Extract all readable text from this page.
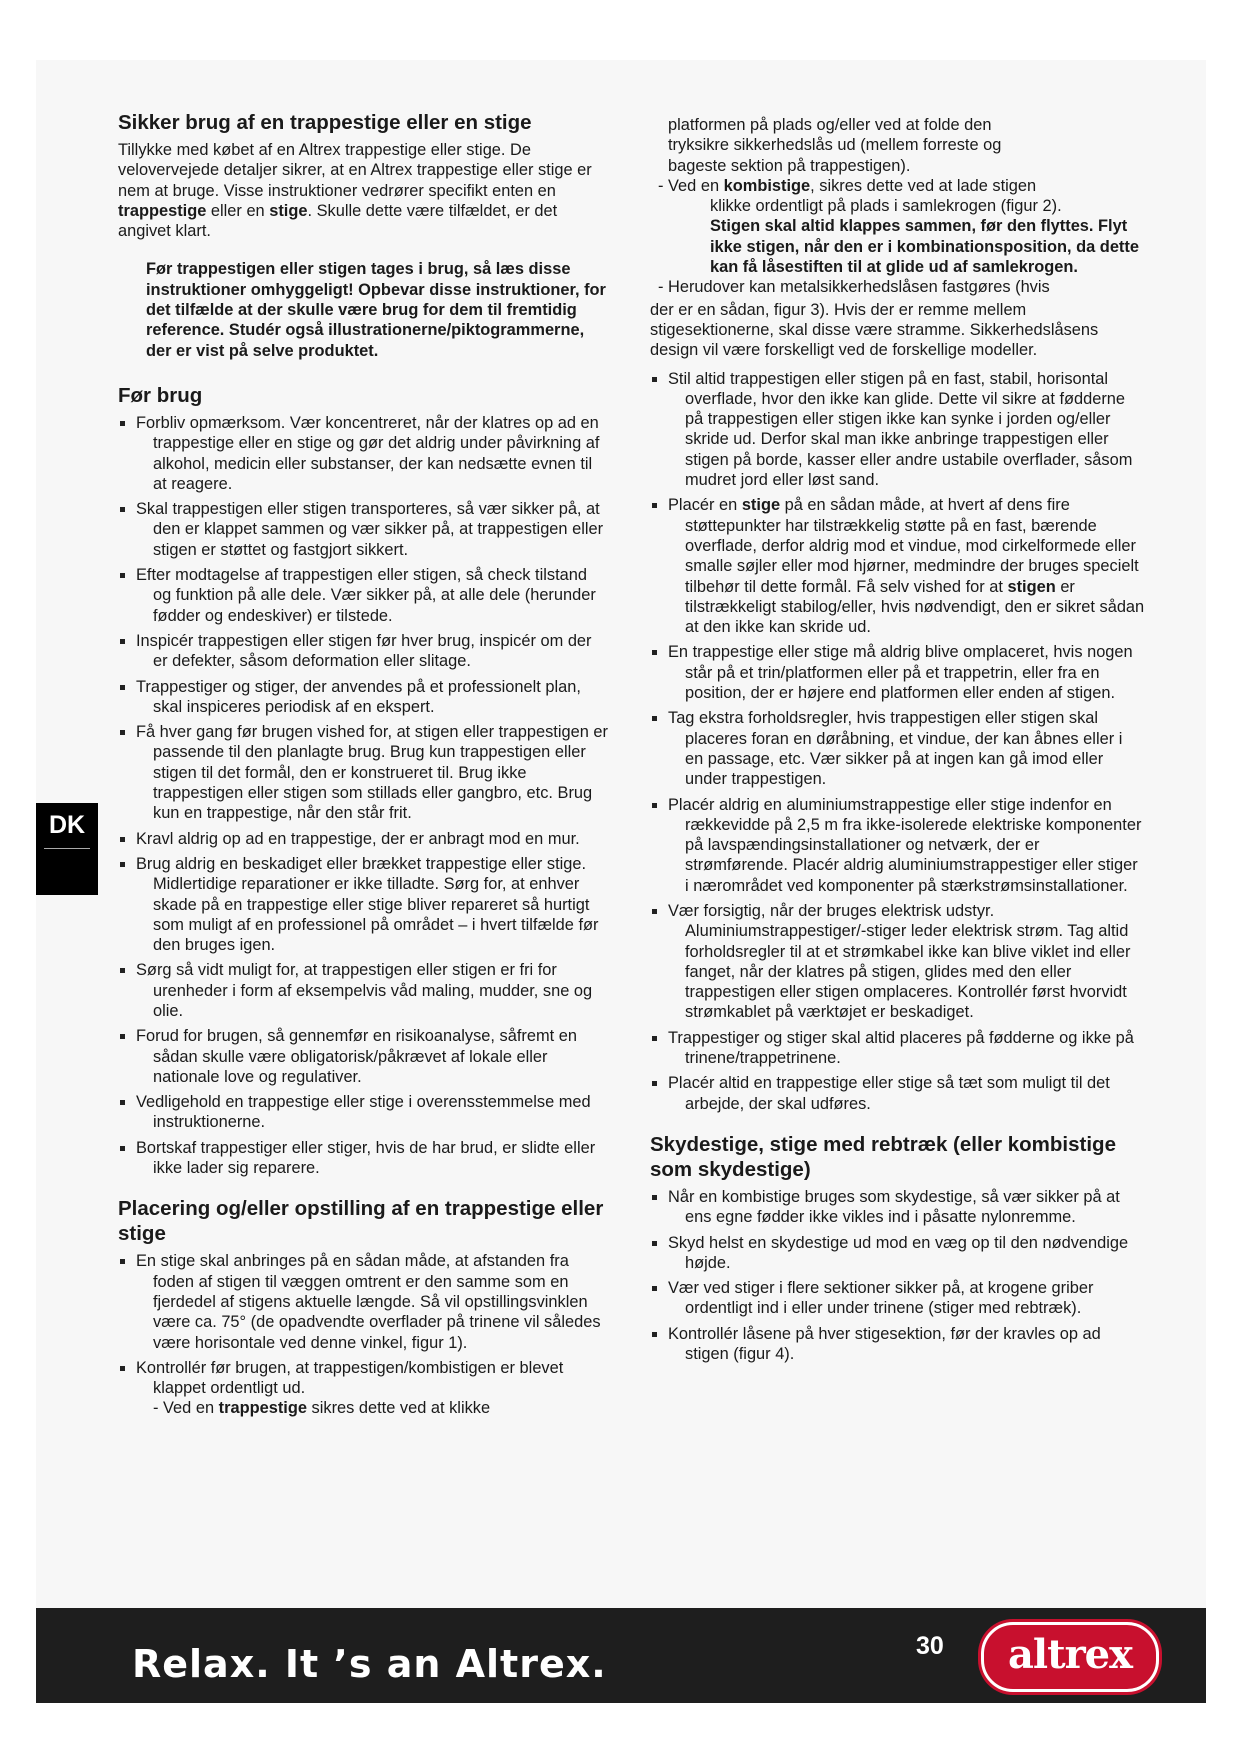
Sikker brug af en trappestige eller en stige

Tillykke med købet af en Altrex trappestige eller stige. De velovervejede detaljer sikrer, at en Altrex trappestige eller stige er nem at bruge. Visse instruktioner vedrører specifikt enten en trappestige eller en stige. Skulle dette være tilfældet, er det angivet klart.

Før trappestigen eller stigen tages i brug, så læs disse instruktioner omhyggeligt! Opbevar disse instruktioner, for det tilfælde at der skulle være brug for dem til fremtidig reference. Studér også illustrationerne/piktogrammerne, der er vist på selve produktet.

Før brug
Forbliv opmærksom. Vær koncentreret, når der klatres op ad en trappestige eller en stige og gør det aldrig under påvirkning af alkohol, medicin eller substanser, der kan nedsætte evnen til at reagere.
Skal trappestigen eller stigen transporteres, så vær sikker på, at den er klappet sammen og vær sikker på, at trappestigen eller stigen er støttet og fastgjort sikkert.
Efter modtagelse af trappestigen eller stigen, så check tilstand og funktion på alle dele. Vær sikker på, at alle dele (herunder fødder og endeskiver) er tilstede.
Inspicér trappestigen eller stigen før hver brug, inspicér om der er defekter, såsom deformation eller slitage.
Trappestiger og stiger, der anvendes på et professionelt plan, skal inspiceres periodisk af en ekspert.
Få hver gang før brugen vished for, at stigen eller trappestigen er passende til den planlagte brug. Brug kun trappestigen eller stigen til det formål, den er konstrueret til. Brug ikke trappestigen eller stigen som stillads eller gangbro, etc. Brug kun en trappestige, når den står frit.
Kravl aldrig op ad en trappestige, der er anbragt mod en mur.
Brug aldrig en beskadiget eller brækket trappestige eller stige. Midlertidige reparationer er ikke tilladte. Sørg for, at enhver skade på en trappestige eller stige bliver repareret så hurtigt som muligt af en professionel på området – i hvert tilfælde før den bruges igen.
Sørg så vidt muligt for, at trappestigen eller stigen er fri for urenheder i form af eksempelvis våd maling, mudder, sne og olie.
Forud for brugen, så gennemfør en risikoanalyse, såfremt en sådan skulle være obligatorisk/påkrævet af lokale eller nationale love og regulativer.
Vedligehold en trappestige eller stige i overensstemmelse med instruktionerne.
Bortskaf trappestiger eller stiger, hvis de har brud, er slidte eller ikke lader sig reparere.
Placering og/eller opstilling af en trappestige eller stige
En stige skal anbringes på en sådan måde, at afstanden fra foden af stigen til væggen omtrent er den samme som en fjerdedel af stigens aktuelle længde. Så vil opstillingsvinklen være ca. 75° (de opadvendte overflader på trinene vil således være horisontale ved denne vinkel, figur 1).
Kontrollér før brugen, at trappestigen/kombistigen er blevet klappet ordentligt ud.

- Ved en trappestige sikres dette ved at klikke

platformen på plads og/eller ved at folde den

tryksikre sikkerhedslås ud (mellem forreste og

bageste sektion på trappestigen).

- Ved en kombistige, sikres dette ved at lade stigen

klikke ordentligt på plads i samlekrogen (figur 2).

Stigen skal altid klappes sammen, før den flyttes. Flyt ikke stigen, når den er i kombinationsposition, da dette kan få låsestiften til at glide ud af samlekrogen.

- Herudover kan metalsikkerhedslåsen fastgøres (hvis

der er en sådan, figur 3). Hvis der er remme mellem stigesektionerne, skal disse være stramme. Sikkerhedslåsens design vil være forskelligt ved de forskellige modeller.

Stil altid trappestigen eller stigen på en fast, stabil, horisontal overflade, hvor den ikke kan glide. Dette vil sikre at fødderne på trappestigen eller stigen ikke kan synke i jorden og/eller skride ud. Derfor skal man ikke anbringe trappestigen eller stigen på borde, kasser eller andre ustabile overflader, såsom mudret jord eller løst sand.
Placér en stige på en sådan måde, at hvert af dens fire støttepunkter har tilstrækkelig støtte på en fast, bærende overflade, derfor aldrig mod et vindue, mod cirkelformede eller smalle søjler eller mod hjørner, medmindre der bruges specielt tilbehør til dette formål. Få selv vished for at stigen er tilstrækkeligt stabilog/eller, hvis nødvendigt, den er sikret sådan at den ikke kan skride ud.
En trappestige eller stige må aldrig blive omplaceret, hvis nogen står på et trin/platformen eller på et trappetrin, eller fra en position, der er højere end platformen eller enden af stigen.
Tag ekstra forholdsregler, hvis trappestigen eller stigen skal placeres foran en døråbning, et vindue, der kan åbnes eller i en passage, etc. Vær sikker på at ingen kan gå imod eller under trappestigen.
Placér aldrig en aluminiumstrappestige eller stige indenfor en rækkevidde på 2,5 m fra ikke-isolerede elektriske komponenter på lavspændingsinstallationer og netværk, der er strømførende. Placér aldrig aluminiumstrappestiger eller stiger i nærområdet ved komponenter på stærkstrømsinstallationer.
Vær forsigtig, når der bruges elektrisk udstyr. Aluminiumstrappestiger/-stiger leder elektrisk strøm. Tag altid forholdsregler til at et strømkabel ikke kan blive viklet ind eller fanget, når der klatres på stigen, glides med den eller trappestigen eller stigen omplaceres. Kontrollér først hvorvidt strømkablet på værktøjet er beskadiget.
Trappestiger og stiger skal altid placeres på fødderne og ikke på trinene/trappetrinene.
Placér altid en trappestige eller stige så tæt som muligt til det arbejde, der skal udføres.
Skydestige, stige med rebtræk (eller kombistige som skydestige)
Når en kombistige bruges som skydestige, så vær sikker på at ens egne fødder ikke vikles ind i påsatte nylonremme.
Skyd helst en skydestige ud mod en væg op til den nødvendige højde.
Vær ved stiger i flere sektioner sikker på, at krogene griber ordentligt ind i eller under trinene (stiger med rebtræk).
Kontrollér låsene på hver stigesektion, før der kravles op ad stigen (figur 4).
DK
Relax. It ’s an Altrex.	30	altrex
